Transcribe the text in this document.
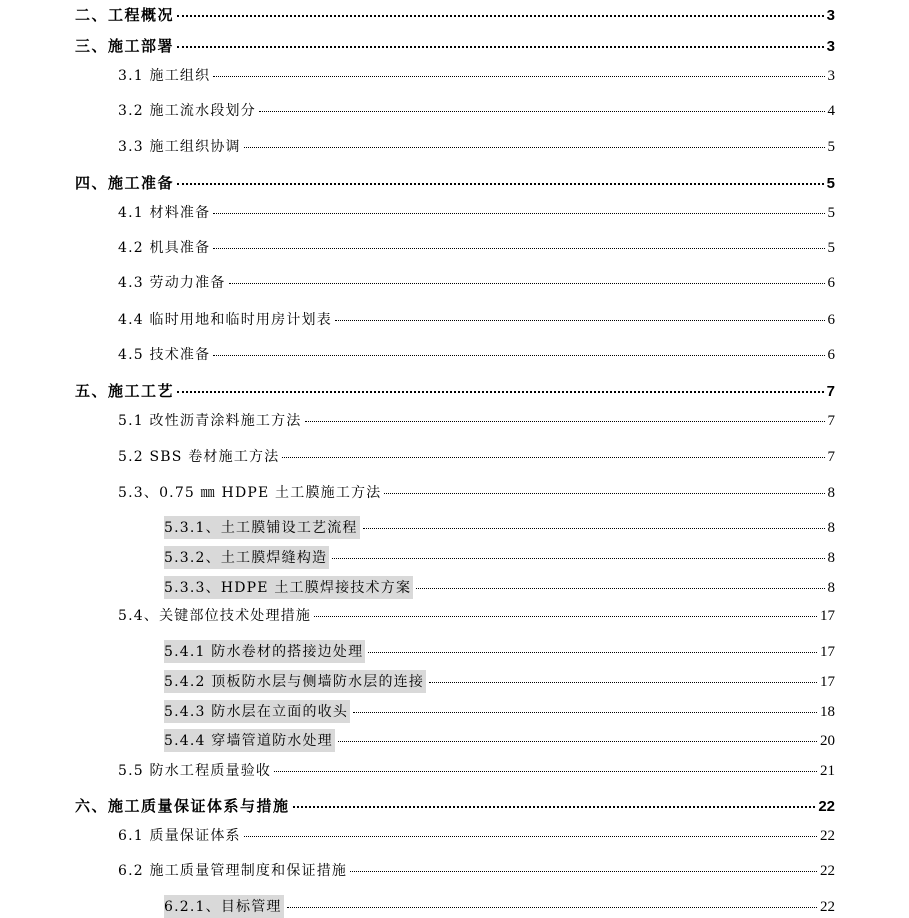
二、工程概况	3
三、施工部署	3
3.1 施工组织	3
3.2 施工流水段划分	4
3.3 施工组织协调	5
四、施工准备	5
4.1 材料准备	5
4.2 机具准备	5
4.3 劳动力准备	6
4.4 临时用地和临时用房计划表	6
4.5 技术准备	6
五、施工工艺	7
5.1 改性沥青涂料施工方法	7
5.2 SBS 卷材施工方法	7
5.3、0.75 ㎜ HDPE 土工膜施工方法	8
5.3.1、土工膜铺设工艺流程	8
5.3.2、土工膜焊缝构造	8
5.3.3、HDPE 土工膜焊接技术方案	8
5.4、关键部位技术处理措施	17
5.4.1 防水卷材的搭接边处理	17
5.4.2 顶板防水层与侧墙防水层的连接	17
5.4.3 防水层在立面的收头	18
5.4.4 穿墙管道防水处理	20
5.5 防水工程质量验收	21
六、施工质量保证体系与措施	22
6.1 质量保证体系	22
6.2 施工质量管理制度和保证措施	22
6.2.1、目标管理	22
